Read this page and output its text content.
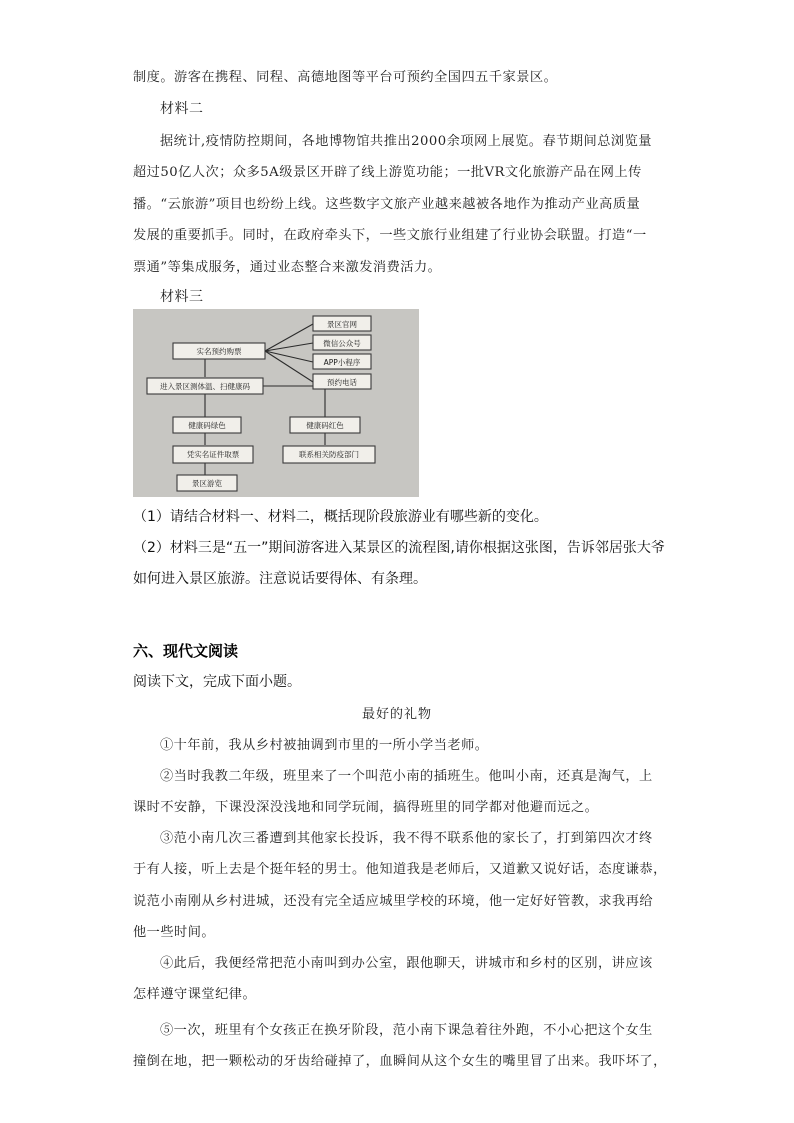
制度。游客在携程、同程、高德地图等平台可预约全国四五千家景区。
材料二
据统计,疫情防控期间，各地博物馆共推出2000余项网上展览。春节期间总浏览量
超过50亿人次；众多5A级景区开辟了线上游览功能；一批VR文化旅游产品在网上传
播。“云旅游”项目也纷纷上线。这些数字文旅产业越来越被各地作为推动产业高质量
发展的重要抓手。同时，在政府牵头下，一些文旅行业组建了行业协会联盟。打造“一
票通”等集成服务，通过业态整合来激发消费活力。
材料三
实名预约购票
景区官网
微信公众号
APP小程序
预约电话
进入景区测体温、扫健康码
健康码绿色	健康码红色
凭实名证件取票	联系相关防疫部门
景区游览
（1）请结合材料一、材料二，概括现阶段旅游业有哪些新的变化。
（2）材料三是“五一”期间游客进入某景区的流程图,请你根据这张图，告诉邻居张大爷
如何进入景区旅游。注意说话要得体、有条理。
六、现代文阅读
阅读下文，完成下面小题。
最好的礼物
①十年前，我从乡村被抽调到市里的一所小学当老师。
②当时我教二年级，班里来了一个叫范小南的插班生。他叫小南，还真是淘气，上
课时不安静，下课没深没浅地和同学玩闹，搞得班里的同学都对他避而远之。
③范小南几次三番遭到其他家长投诉，我不得不联系他的家长了，打到第四次才终
于有人接，听上去是个挺年轻的男士。他知道我是老师后，又道歉又说好话，态度谦恭，
说范小南刚从乡村进城，还没有完全适应城里学校的环境，他一定好好管教，求我再给
他一些时间。
④此后，我便经常把范小南叫到办公室，跟他聊天，讲城市和乡村的区别，讲应该
怎样遵守课堂纪律。
⑤一次，班里有个女孩正在换牙阶段，范小南下课急着往外跑，不小心把这个女生
撞倒在地，把一颗松动的牙齿给碰掉了，血瞬间从这个女生的嘴里冒了出来。我吓坏了，
